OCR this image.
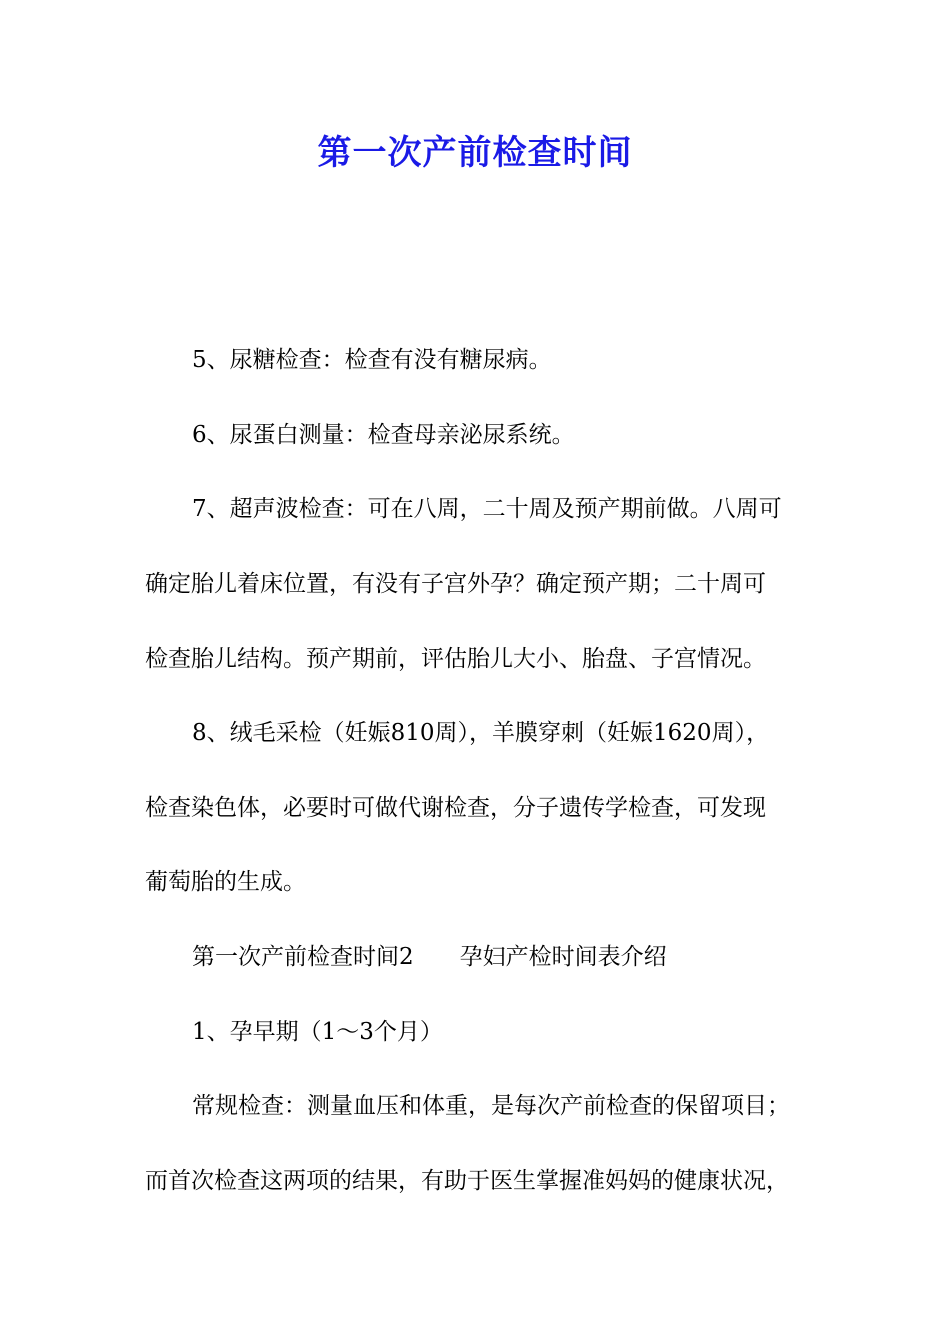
第一次产前检查时间
5、尿糖检查：检查有没有糖尿病。
6、尿蛋白测量：检查母亲泌尿系统。
7、超声波检查：可在八周，二十周及预产期前做。八周可
确定胎儿着床位置，有没有子宫外孕？确定预产期；二十周可
检查胎儿结构。预产期前，评估胎儿大小、胎盘、子宫情况。
8、绒毛采检（妊娠810周），羊膜穿刺（妊娠1620周），
检查染色体，必要时可做代谢检查，分子遗传学检查，可发现
葡萄胎的生成。
第一次产前检查时间2 孕妇产检时间表介绍
1、孕早期（1～3个月）
常规检查：测量血压和体重，是每次产前检查的保留项目；
而首次检查这两项的结果，有助于医生掌握准妈妈的健康状况，
